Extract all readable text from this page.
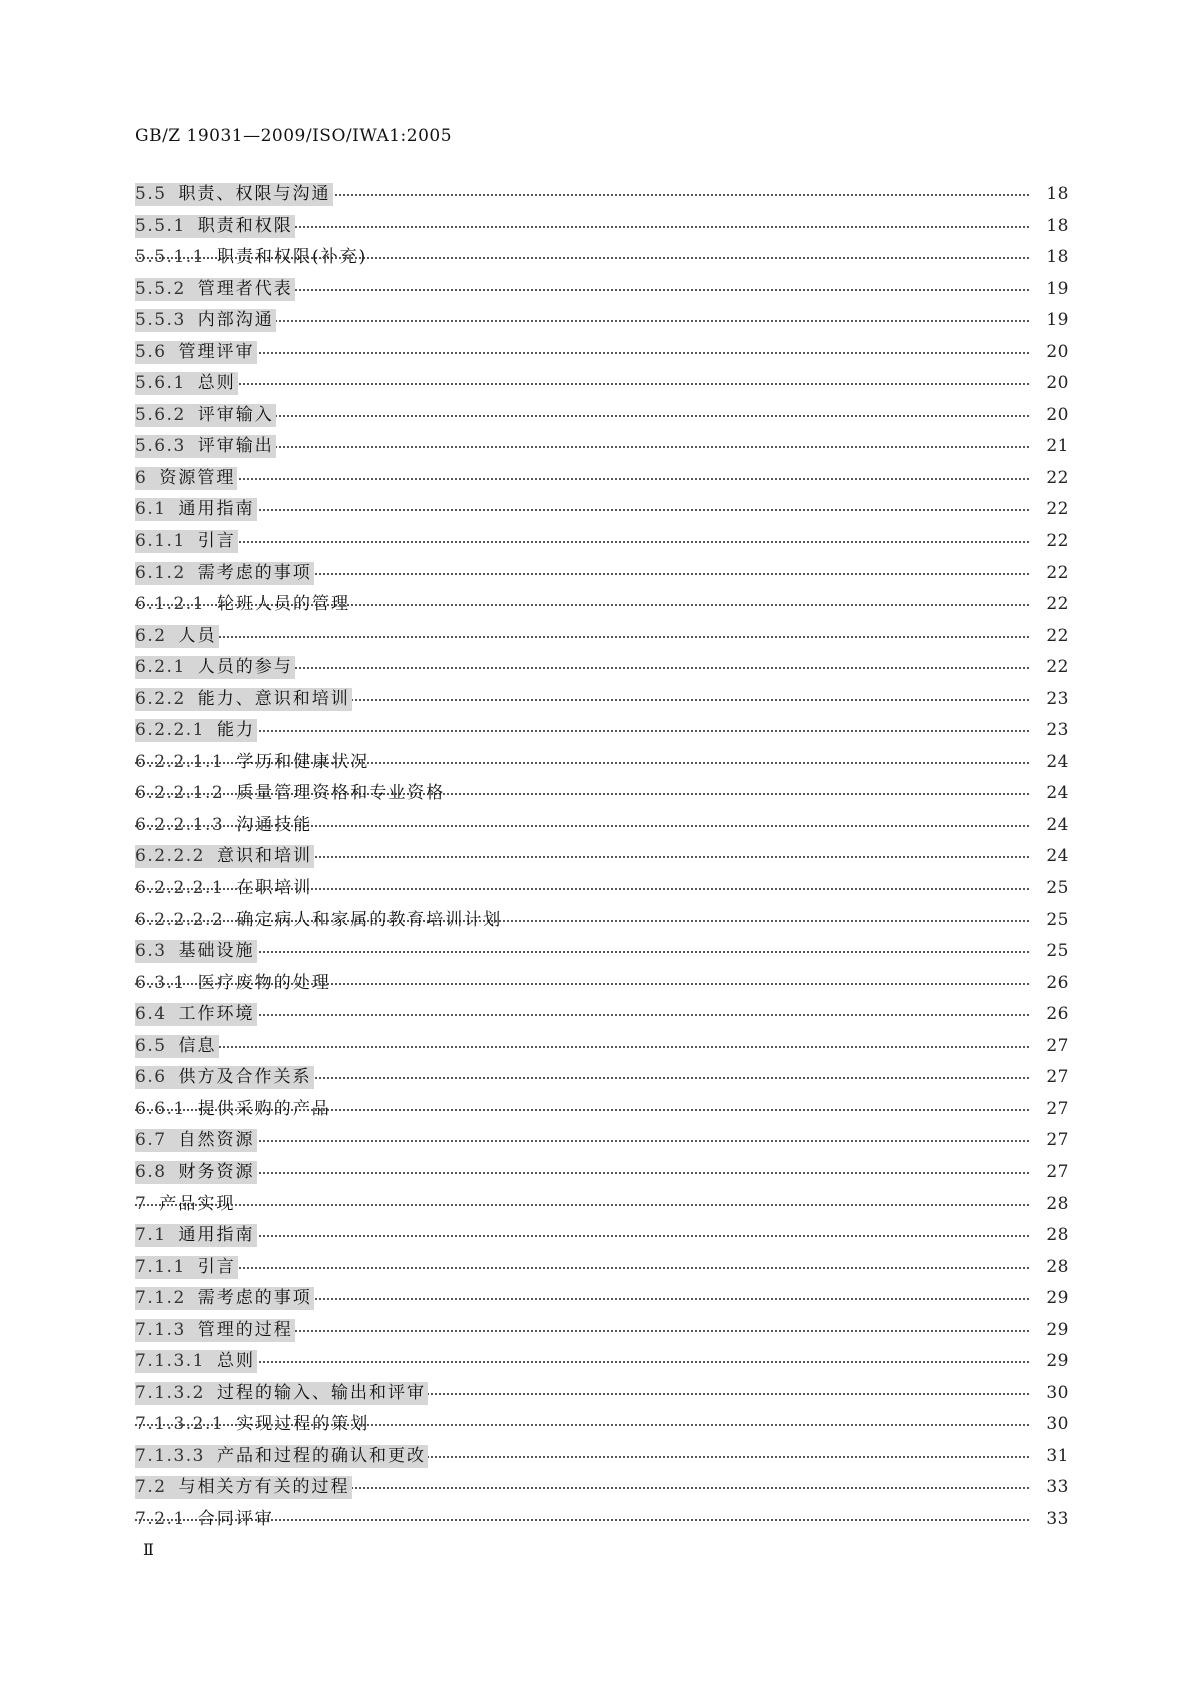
GB/Z 19031—2009/ISO/IWA1:2005
5.5 职责、权限与沟通	18
5.5.1 职责和权限	18
5.5.1.1 职责和权限(补充)	18
5.5.2 管理者代表	19
5.5.3 内部沟通	19
5.6 管理评审	20
5.6.1 总则	20
5.6.2 评审输入	20
5.6.3 评审输出	21
6 资源管理	22
6.1 通用指南	22
6.1.1 引言	22
6.1.2 需考虑的事项	22
6.1.2.1 轮班人员的管理	22
6.2 人员	22
6.2.1 人员的参与	22
6.2.2 能力、意识和培训	23
6.2.2.1 能力	23
6.2.2.1.1 学历和健康状况	24
6.2.2.1.2 质量管理资格和专业资格	24
6.2.2.1.3 沟通技能	24
6.2.2.2 意识和培训	24
6.2.2.2.1 在职培训	25
6.2.2.2.2 确定病人和家属的教育培训计划	25
6.3 基础设施	25
6.3.1 医疗废物的处理	26
6.4 工作环境	26
6.5 信息	27
6.6 供方及合作关系	27
6.6.1 提供采购的产品	27
6.7 自然资源	27
6.8 财务资源	27
7 产品实现	28
7.1 通用指南	28
7.1.1 引言	28
7.1.2 需考虑的事项	29
7.1.3 管理的过程	29
7.1.3.1 总则	29
7.1.3.2 过程的输入、输出和评审	30
7.1.3.2.1 实现过程的策划	30
7.1.3.3 产品和过程的确认和更改	31
7.2 与相关方有关的过程	33
7.2.1 合同评审	33
Ⅱ
